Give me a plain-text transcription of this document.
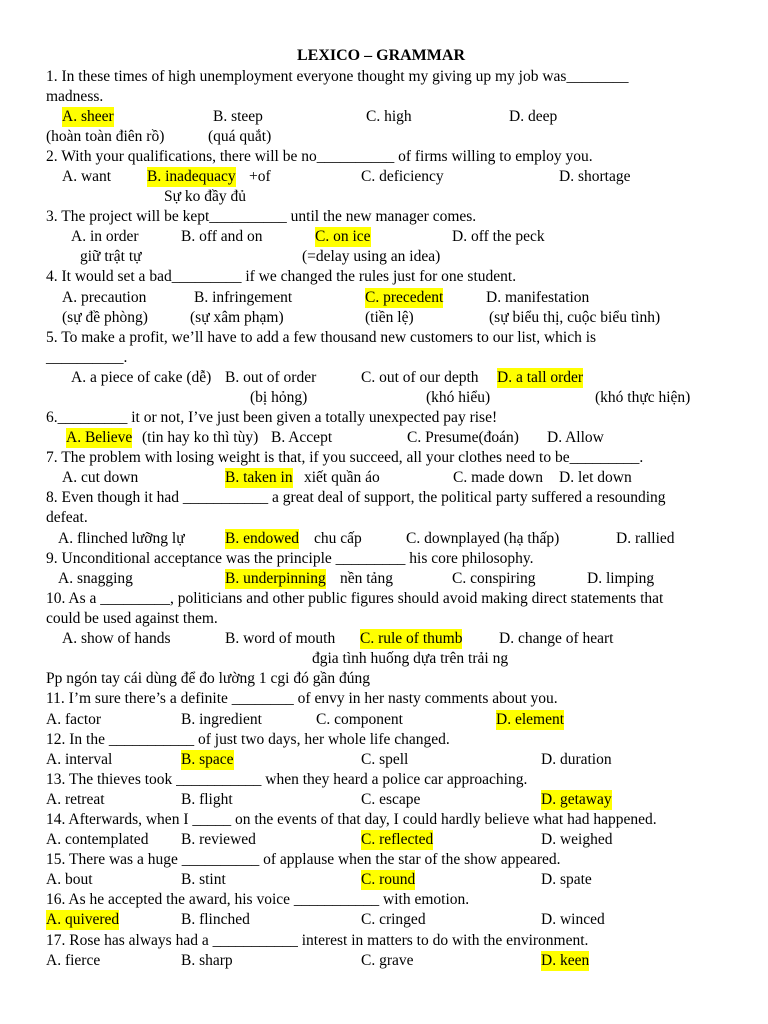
LEXICO – GRAMMAR
1. In these times of high unemployment everyone thought my giving up my job was________
madness.
A. sheer	B. steep	C. high	D. deep
(hoàn toàn điên rồ)	(quá quắt)
2. With your qualifications, there will be no__________ of firms willing to employ you.
A. want B. inadequacy +of	C. deficiency	D. shortage
Sự ko đầy đủ
3. The project will be kept__________ until the new manager comes.
A. in order	B. off and on	C. on ice	D. off the peck
giữ trật tự	(=delay using an idea)
4. It would set a bad_________ if we changed the rules just for one student.
A. precaution	B. infringement	C. precedent	D. manifestation
(sự đề phòng)	(sự xâm phạm)	(tiền lệ)	(sự biểu thị, cuộc biểu tình)
5. To make a profit, we’ll have to add a few thousand new customers to our list, which is
__________.
A. a piece of cake (dễ) B. out of order	C. out of our depth D. a tall order
(bị hỏng)	(khó hiểu)	(khó thực hiện)
6._________ it or not, I’ve just been given a totally unexpected pay rise!
A. Believe (tin hay ko thì tùy) B. Accept	C. Presume(đoán) D. Allow
7. The problem with losing weight is that, if you succeed, all your clothes need to be_________.
A. cut down	B. taken in xiết quần áo	C. made down D. let down
8. Even though it had ___________ a great deal of support, the political party suffered a resounding
defeat.
A. flinched lưỡng lự	B. endowed chu cấp	C. downplayed (hạ thấp)	D. rallied
9. Unconditional acceptance was the principle _________ his core philosophy.
A. snagging	B. underpinning nền tảng	C. conspiring	D. limping
10. As a _________, politicians and other public figures should avoid making direct statements that
could be used against them.
A. show of hands	B. word of mouth C. rule of thumb D. change of heart
đgia tình huống dựa trên trải ng
Pp ngón tay cái dùng để đo lường 1 cgi đó gần đúng
11. I’m sure there’s a definite ________ of envy in her nasty comments about you.
A. factor	B. ingredient	C. component	D. element
12. In the ___________ of just two days, her whole life changed.
A. interval	B. space	C. spell	D. duration
13. The thieves took ___________ when they heard a police car approaching.
A. retreat	B. flight	C. escape	D. getaway
14. Afterwards, when I _____ on the events of that day, I could hardly believe what had happened.
A. contemplated B. reviewed	C. reflected	D. weighed
15. There was a huge __________ of applause when the star of the show appeared.
A. bout	B. stint	C. round	D. spate
16. As he accepted the award, his voice ___________ with emotion.
A. quivered	B. flinched	C. cringed	D. winced
17. Rose has always had a ___________ interest in matters to do with the environment.
A. fierce	B. sharp	C. grave	D. keen
